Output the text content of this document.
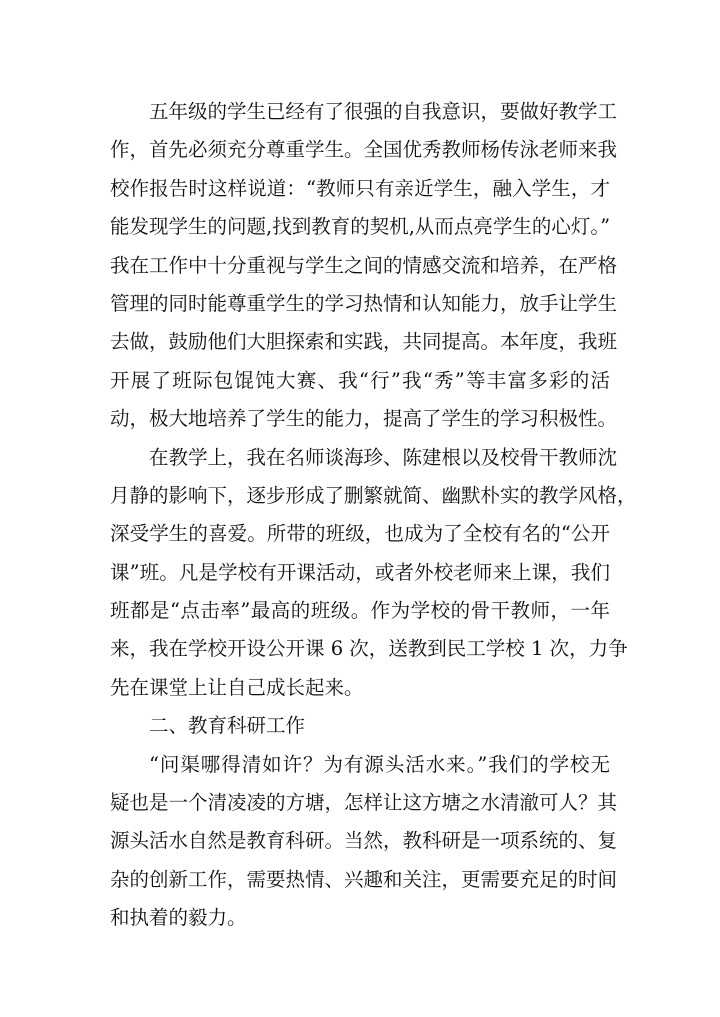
五年级的学生已经有了很强的自我意识，要做好教学工
作，首先必须充分尊重学生。全国优秀教师杨传泳老师来我
校作报告时这样说道：“教师只有亲近学生，融入学生，才
能发现学生的问题,找到教育的契机,从而点亮学生的心灯。”
我在工作中十分重视与学生之间的情感交流和培养，在严格
管理的同时能尊重学生的学习热情和认知能力，放手让学生
去做，鼓励他们大胆探索和实践，共同提高。本年度，我班
开展了班际包馄饨大赛、我“行”我“秀”等丰富多彩的活
动，极大地培养了学生的能力，提高了学生的学习积极性。
在教学上，我在名师谈海珍、陈建根以及校骨干教师沈
月静的影响下，逐步形成了删繁就简、幽默朴实的教学风格，
深受学生的喜爱。所带的班级，也成为了全校有名的“公开
课”班。凡是学校有开课活动，或者外校老师来上课，我们
班都是“点击率”最高的班级。作为学校的骨干教师，一年
来，我在学校开设公开课 6 次，送教到民工学校 1 次，力争
先在课堂上让自己成长起来。
二、教育科研工作
“问渠哪得清如许？为有源头活水来。”我们的学校无
疑也是一个清凌凌的方塘，怎样让这方塘之水清澈可人？其
源头活水自然是教育科研。当然，教科研是一项系统的、复
杂的创新工作，需要热情、兴趣和关注，更需要充足的时间
和执着的毅力。
